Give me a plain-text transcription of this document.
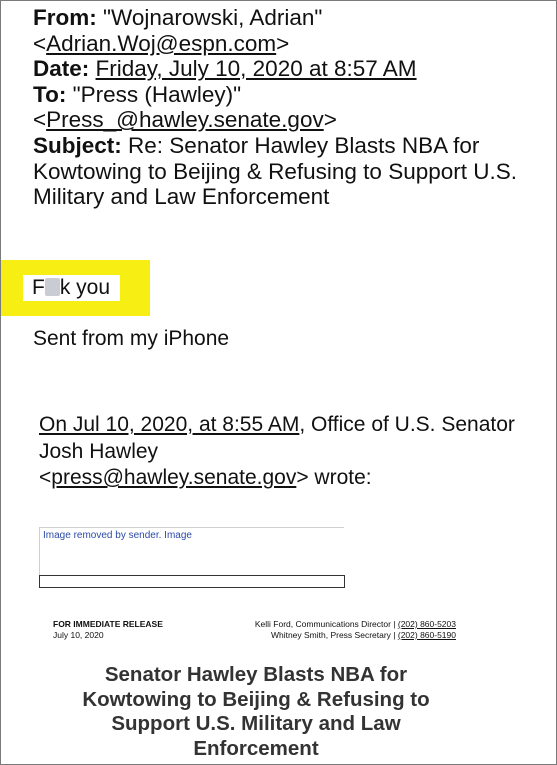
From: "Wojnarowski, Adrian"
<Adrian.Woj@espn.com>
Date: Friday, July 10, 2020 at 8:57 AM
To: "Press (Hawley)"
<Press_@hawley.senate.gov>
Subject: Re: Senator Hawley Blasts NBA for Kowtowing to Beijing & Refusing to Support U.S. Military and Law Enforcement
F k you
Sent from my iPhone
On Jul 10, 2020, at 8:55 AM, Office of U.S. Senator Josh Hawley
<press@hawley.senate.gov> wrote:
Image removed by sender. Image
FOR IMMEDIATE RELEASE
July 10, 2020
Kelli Ford, Communications Director | (202) 860-5203
Whitney Smith, Press Secretary | (202) 860-5190
Senator Hawley Blasts NBA for Kowtowing to Beijing & Refusing to Support U.S. Military and Law Enforcement
